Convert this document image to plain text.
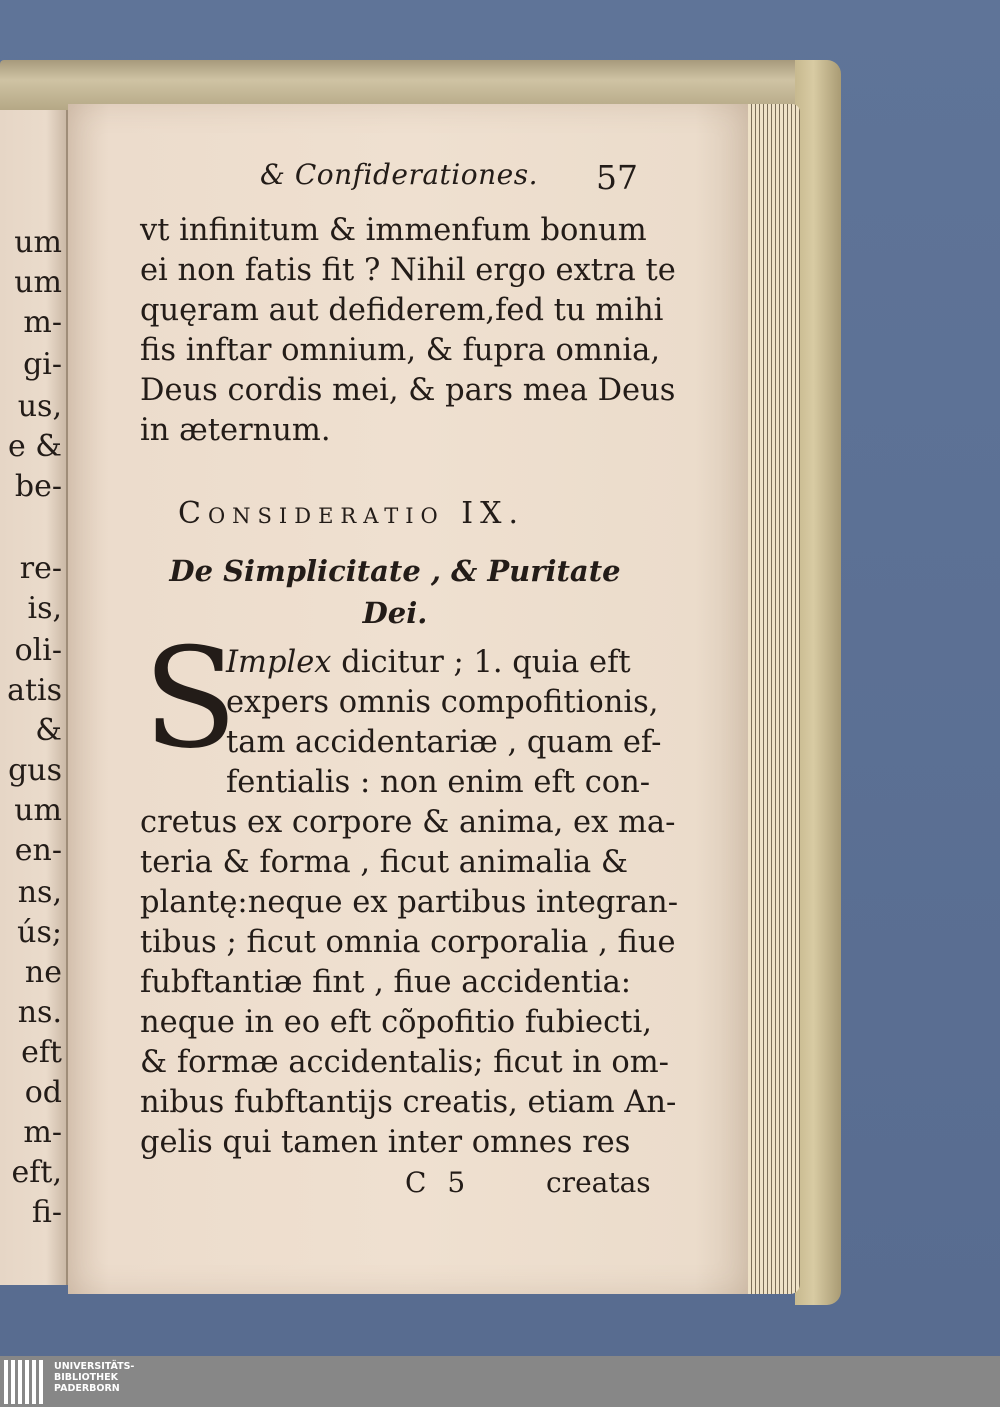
um

um

m-

gi-

us,

e &

be-

re-

is,

oli-

atis

&

gus

um

en-

ns,

ús;

ne

ns.

eft

od

m-

eft,

fi-

& Confiderationes. 57

vt infinitum & immenfum bonum

ei non fatis fit ? Nihil ergo extra te

quęram aut defiderem,fed tu mihi

fis inftar omnium, & fupra omnia,

Deus cordis mei, & pars mea Deus

in æternum.

Consideratio IX.

De Simplicitate , & Puritate
Dei.

S

Implex dicitur ; 1. quia eft

expers omnis compofitionis,

tam accidentariæ , quam ef-

fentialis : non enim eft con-

cretus ex corpore & anima, ex ma-

teria & forma , ficut animalia &

plantę:neque ex partibus integran-

tibus ; ficut omnia corporalia , fiue

fubftantiæ fint , fiue accidentia:

neque in eo eft cõpofitio fubiecti,

& formæ accidentalis; ficut in om-

nibus fubftantijs creatis, etiam An-

gelis qui tamen inter omnes res

C 5	creatas

UNIVERSITÄTS-
BIBLIOTHEK
PADERBORN
